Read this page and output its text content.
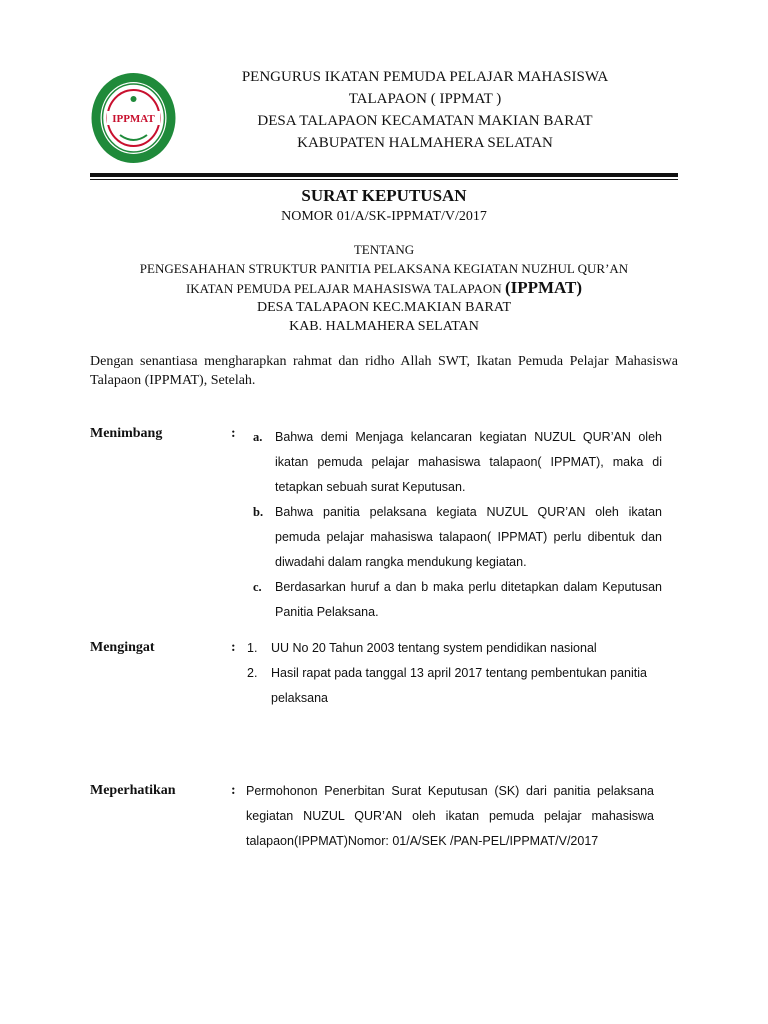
IPPMAT
PENGURUS IKATAN PEMUDA PELAJAR MAHASISWA
TALAPAON ( IPPMAT )
DESA TALAPAON KECAMATAN MAKIAN BARAT
KABUPATEN HALMAHERA SELATAN
SURAT KEPUTUSAN
NOMOR 01/A/SK-IPPMAT/V/2017
TENTANG
PENGESAHAHAN STRUKTUR PANITIA PELAKSANA KEGIATAN NUZHUL QUR’AN
IKATAN PEMUDA PELAJAR MAHASISWA TALAPAON (IPPMAT)
DESA TALAPAON KEC.MAKIAN BARAT
KAB. HALMAHERA SELATAN
Dengan senantiasa mengharapkan rahmat dan ridho Allah SWT, Ikatan Pemuda Pelajar Mahasiswa Talapaon (IPPMAT), Setelah.
Menimbang	: a. Bahwa demi Menjaga kelancaran kegiatan NUZUL QUR’AN oleh ikatan pemuda pelajar mahasiswa talapaon( IPPMAT), maka di tetapkan sebuah surat Keputusan.
b. Bahwa panitia pelaksana kegiata NUZUL QUR’AN oleh ikatan pemuda pelajar mahasiswa talapaon( IPPMAT) perlu dibentuk dan diwadahi dalam rangka mendukung kegiatan.
c. Berdasarkan huruf a dan b maka perlu ditetapkan dalam Keputusan Panitia Pelaksana.
Mengingat	: 1. UU No 20 Tahun 2003 tentang system pendidikan nasional
2. Hasil rapat pada tanggal 13 april 2017 tentang pembentukan panitia pelaksana
Meperhatikan	: Permohonon Penerbitan Surat Keputusan (SK) dari panitia pelaksana kegiatan NUZUL QUR’AN oleh ikatan pemuda pelajar mahasiswa talapaon(IPPMAT)Nomor: 01/A/SEK /PAN-PEL/IPPMAT/V/2017
